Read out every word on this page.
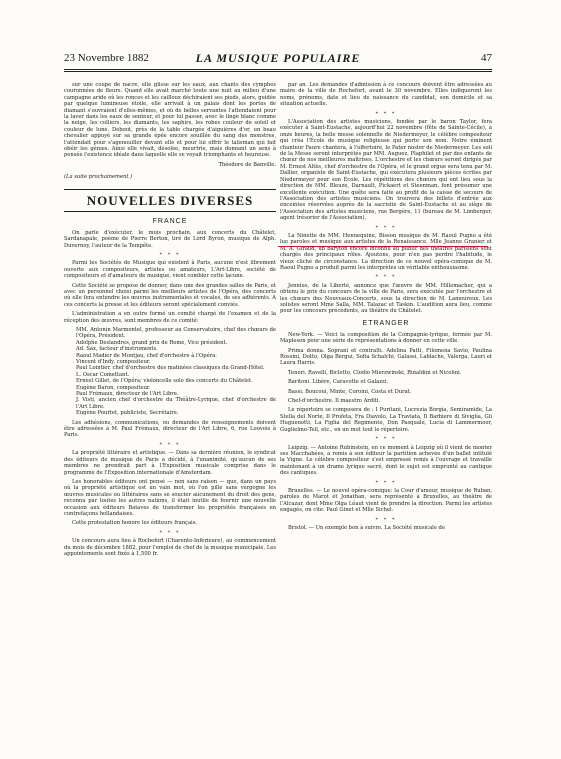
23 Novembre 1882	LA MUSIQUE POPULAIRE	47

sur une coupe de nacre, elle glisse sur les eaux, aux chants des cymphes couronnées de fleurs. Quand elle avait marché toute une nuit au milieu d'une campagne aride où les ronces et les cailloux déchiraient ses pieds, alors, guidée par quelque lumineuse étoile, elle arrivait à un palais dont les portes de diamant s'ouvraient d'elles-mêmes, et où de belles servantes l'attendaient pour la laver dans les eaux de senteur, et pour lui passer, avec le linge blanc comme la neige, les colliers, les diamants, les saphirs, les robes couleur de soleil et couleur de lune. Debout, près de la table chargée d'aiguières d'or, un beau chevalier appuyé sur sa grande épée encore souillée du sang des monstres, l'attendait pour s'agenouiller devant elle et pour lui offrir le talisman qui fait obéir les génies. Ainsi elle vivait, désolée, meurtrie, mais donnant un sens à pensée l'existence idéale dans laquelle elle se voyait triomphante et heureuse.

Théodore de Banville.

(La suite prochainement.)

NOUVELLES DIVERSES
FRANCE

On parle d'exécuter, le mois prochain, aux concerts du Châtelet, Sardanapale, poème de Pierre Berton, tiré de Lord Byron, musique de Alph. Duvernoy, l'auteur de la Tempête.

* * *

Parmi les Sociétés de Musique qui existent à Paris, aucune n'est librement ouverte aux compositeurs, artistes ou amateurs, L'Art-Libre, société de compositeurs et d'amateurs de musique, vient combler cette lacune.

Cette Société se propose de donner, dans une des grandes salles de Paris, et avec un personnel choisi parmi les meilleurs artistes de l'Opéra, des concerts où elle fera entendre les œuvres instrumentales et vocales, de ses adhérents. A ces concerts la presse et les éditeurs seront spécialement conviés.

L'administration a en outre formé un comité chargé de l'examen et de la réception des œuvres, sont membres de ce comité:

MM. Antonin Marmontel, professeur au Conservatoire, chef des chœurs de l'Opéra, Président.
Adolphe Deslandres, grand prix de Rome, Vice président.
Ad. Sax, facteur d'instruments.
Raoul Madier de Montjau, chef d'orchestre à l'Opéra.
Vincent d'Indy, compositeur.
Paul Lointier, chef d'orchestre des matinées classiques du Grand-Hôtel.
L. Oscar Comettant.
Ernest Gillet, de l'Opéra; violoncelle solo des concerts du Châtelet.
Eugène Baron, compositeur.
Paul Frémaux, directeur de l'Art Libre.
J. Visti, ancien chef d'orchestre du Théâtre-Lyrique, chef d'orchestre de l'Art Libre.
Eugène Pourtet, publiciste, Secrétaire.

Les adhésions, communications, ou demandes de renseignements doivent être adressées à M. Paul Frémaux, directeur de l'Art Libre, 6, rue Louvois à Paris.

* * *

La propriété littéraire et artistique. — Dans sa dernière réunion, le syndicat des éditeurs de musique de Paris a décidé, à l'unanimité, qu'aucun de ses membres ne prendrait part à l'Exposition musicale comprise dans le programme de l'Exposition internationale d'Amsterdam.

Les honorables éditeurs ont pensé — non sans raison — que, dans un pays où la propriété artistique est un vain mot, où l'on pille sans vergogne les œuvres musicales ou littéraires sans se soucier aucunement du droit des gens, reconnu par toutes les autres nations, il était inutile de fournir une nouvelle occasion aux éditeurs Bataves de transformer les propriétés françaises en contrefaçons hollandaises.

Cette protestation honore les éditeurs français.

* * *

Un concours aura lieu à Rochefort (Charente-Inférieure), au commencement du mois de décembre 1882, pour l'emploi de chef de la musique municipale. Les appointements sont fixés à 1,500 fr.

par an. Les demandes d'admission à ce concours doivent être adressées au maire de la ville de Rochefort, avant le 30 novembre. Elles indiqueront les noms, prénoms, date et lieu de naissance du candidat, son domicile et sa situation actuelle.

* * *

L'Association des artistes musiciens, fondée par le baron Taylor, fera exécuter à Saint-Eustache, aujourd'hui 22 novembre (fête de Sainte-Cécile), à onze heures, la belle messe solennelle de Niedermeyer, le célèbre compositeur qui créa l'École de musique religieuse qui porte son nom. Notre éminent chanteur Faure chantera, à l'offertoire, le Pater noster de Niedermeyer. Les soli de la Messe seront interprétés par MM. Auguez, Plaphilet et par des enfants de chœur de nos meilleures maîtrises. L'orchestre et les chœurs seront dirigés par M. Ernest Altès, chef d'orchestre de l'Opéra, et le grand orgue sera tenu par M. Dallier, organiste de Saint-Eustache, qui exécutera plusieurs pièces écrites par Niedermeyer pour son École. Les répétitions des chœurs qui ont lieu sous la direction de MM. Bleuze, Darnault, Pickaert et Steenman, font présumer une excellente exécution. Une quête sera faite au profit de la caisse de secours de l'Association des artistes musiciens. On trouvera des billets d'entrée aux enceintes réservées auprès de la sacristie de Saint-Eustache et au siège de l'Association des artistes musiciens, rue Bergère, 11 (bureau de M. Limberger, agent trésorier de l'Association).

* * *

La Ninette de MM. Hennequine, Bisson musique de M. Raoul Pugno a été lue paroles et musique aux artistes de la Renaissance. Mlle Jeanne Granier et M. A. Giraud, un baryton encore inconnu au public des théâtres parisiens sont chargés des principaux rôles. Ajoutons, pour n'en pas perdre l'habitude, le vieux cliché de circonstance. La direction de ce nouvel opéra-comique de M. Raoul Pugno a produit parmi les interprètes un véritable enthousiasme.

* * *

Jennius, de la Liberté, annonce que l'œuvre de MM. Hillemacher, qui a obtenu le prix du concours de la ville de Paris, sera exécutée par l'orchestre et les chœurs des Nouveaux-Concerts, sous la direction de M. Lamoureux. Les solistes seront Mme Salla, MM. Talazac et Taskin. L'audition aura lieu, comme pour les concours précédents, au théâtre du Châtelet.

ETRANGER

New-York. — Voici la composition de la Compagnie-lyrique, formée par M. Mapleson pour une série de représentations à donner en cette ville.

Prima donna. Soprani et contralti. Adelina Patti, Filomena Savio, Paulina Rossini, Dotto, Olga Bergui, Sofia Schalchi, Galassi, Lablache, Valerga, Lauri et Laura Harris.

Tenori. Ravelli, Bicletto, Clodio Mierzwinski, Rinaldini et Nicolini.

Baritoni. Libère, Caravotte et Galazzi.

Bassi. Boucoui, Minte, Coroini, Costa et Durat.

Chef-d'orchestre. Il maestro Arditi.

Le répertoire se composera de : I Puritani, Lucrezia Borgia, Semiramide, La Stella del Norte, Il Profeta, Fra Diavolo, La Traviata, Il Barbiere di Siviglia, Gli Huguenotti, La Figlia del Regimento, Don Pasquale, Lucia di Lammermoor, Guglielmo-Tell, etc., en un mot tout le répertoire.

* * *

Leipzig. — Antoine Rubinstein, en ce moment à Leipzig où il vient de monter ses Macchabées, a remis à son éditeur la partition achevée d'un ballet intitulé la Vigne. Le célèbre compositeur s'est empressé remis à l'ouvrage et travaille maintenant à un drame lyrique sacré, dont le sujet est emprunté au cantique des cantiques.

* * *

Bruxelles. — Le nouvel opéra-comique: la Cour d'amour, musique de Ruban, paroles de Marot et Jonathan, sera représenté à Bruxelles, au théâtre de l'Alcazar, dont Mme Olga Léaut vient de prendre la direction. Parmi les artistes engagés, on cite: Paul Ginet et Mlle Sichel.

* * *

Bristol. — Un exemple bon à suivre. La Société musicale de
